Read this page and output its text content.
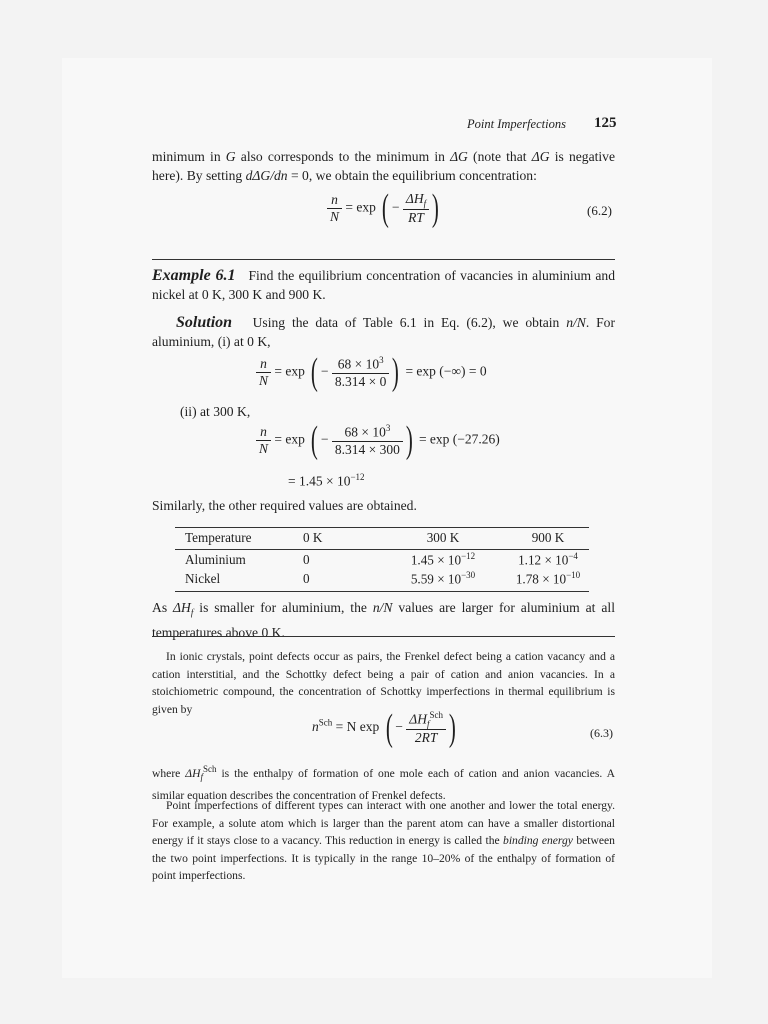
Point Imperfections 125
minimum in G also corresponds to the minimum in ΔG (note that ΔG is negative here). By setting dΔG/dn = 0, we obtain the equilibrium concentration:
$\frac{n}{N} = \exp$ ( − $\frac{\Delta H_f}{RT}$ )	(6.2)
Example 6.1 Find the equilibrium concentration of vacancies in aluminium and nickel at 0 K, 300 K and 900 K.
Solution Using the data of Table 6.1 in Eq. (6.2), we obtain n/N. For aluminium, (i) at 0 K,
$\frac{n}{N} = \exp$ ( − $\frac{68 \times 10^3}{8.314 \times 0}$ ) = exp (−∞) = 0
(ii) at 300 K,
$\frac{n}{N} = \exp$ ( − $\frac{68 \times 10^3}{8.314 \times 300}$ ) = exp (−27.26)
= $1.45 \times 10^{-12}$
Similarly, the other required values are obtained.
Temperature	0 K	300 K	900 K
Aluminium	0	$1.45 \times 10^{-12}$	$1.12 \times 10^{-4}$
Nickel	0	$5.59 \times 10^{-30}$	$1.78 \times 10^{-10}$
As $\Delta H_f$ is smaller for aluminium, the n/N values are larger for aluminium at all temperatures above 0 K.
In ionic crystals, point defects occur as pairs, the Frenkel defect being a cation vacancy and a cation interstitial, and the Schottky defect being a pair of cation and anion vacancies. In a stoichiometric compound, the concentration of Schottky imperfections in thermal equilibrium is given by
$n^{Sch} = N$ exp ( − $\frac{\Delta H_f^{Sch}}{2RT}$ )	(6.3)
where $\Delta H_f^{Sch}$ is the enthalpy of formation of one mole each of cation and anion vacancies. A similar equation describes the concentration of Frenkel defects.
Point imperfections of different types can interact with one another and lower the total energy. For example, a solute atom which is larger than the parent atom can have a smaller distortional energy if it stays close to a vacancy. This reduction in energy is called the binding energy between the two point imperfections. It is typically in the range 10–20% of the enthalpy of formation of point imperfections.
